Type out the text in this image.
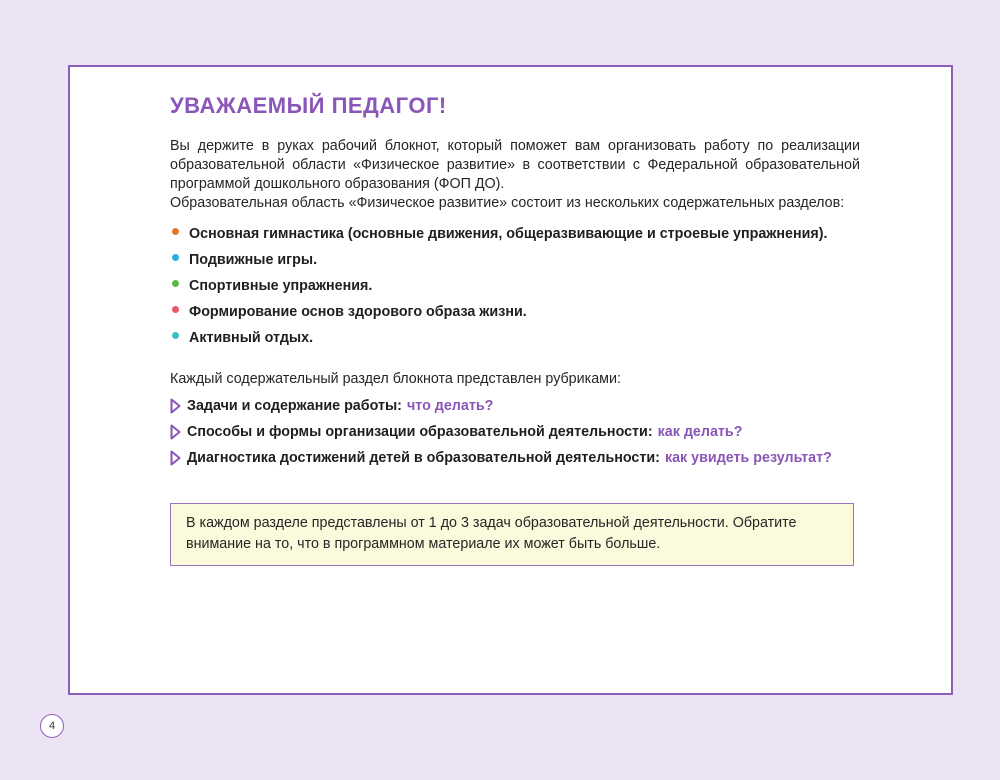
УВАЖАЕМЫЙ ПЕДАГОГ!

Вы держите в руках рабочий блокнот, который поможет вам организовать работу по реализации образовательной области «Физическое развитие» в соответствии с Федеральной образовательной программой дошкольного образования (ФОП ДО).

Образовательная область «Физическое развитие» состоит из нескольких содержательных разделов:

Основная гимнастика (основные движения, общеразвивающие и строевые упражнения).
Подвижные игры.
Спортивные упражнения.
Формирование основ здорового образа жизни.
Активный отдых.

Каждый содержательный раздел блокнота представлен рубриками:

Задачи и содержание работы: что делать?
Способы и формы организации образовательной деятельности: как делать?
Диагностика достижений детей в образовательной деятельности: как увидеть результат?
В каждом разделе представлены от 1 до 3 задач образовательной деятельности. Обратите внимание на то, что в программном материале их может быть больше.
4
